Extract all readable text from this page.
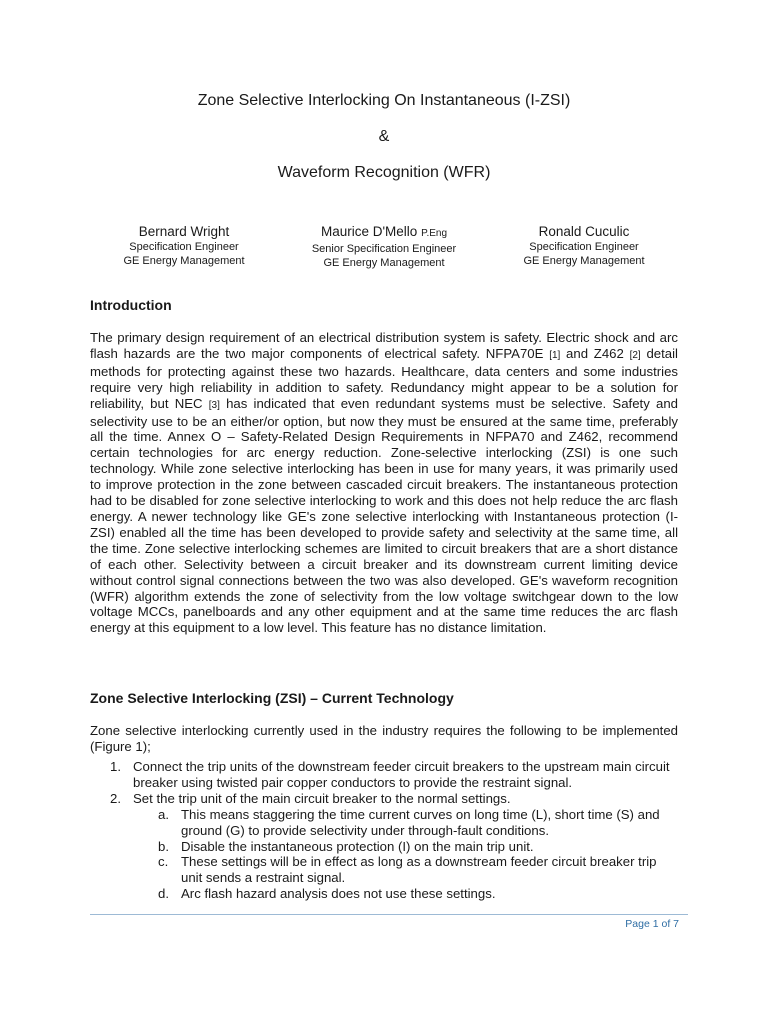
Zone Selective Interlocking On Instantaneous (I-ZSI)
&
Waveform Recognition (WFR)
Bernard Wright
Specification Engineer
GE Energy Management
Maurice D'Mello P.Eng
Senior Specification Engineer
GE Energy Management
Ronald Cuculic
Specification Engineer
GE Energy Management
Introduction

The primary design requirement of an electrical distribution system is safety. Electric shock and arc flash hazards are the two major components of electrical safety. NFPA70E [1] and Z462 [2] detail methods for protecting against these two hazards. Healthcare, data centers and some industries require very high reliability in addition to safety. Redundancy might appear to be a solution for reliability, but NEC [3] has indicated that even redundant systems must be selective. Safety and selectivity use to be an either/or option, but now they must be ensured at the same time, preferably all the time. Annex O – Safety-Related Design Requirements in NFPA70 and Z462, recommend certain technologies for arc energy reduction. Zone-selective interlocking (ZSI) is one such technology. While zone selective interlocking has been in use for many years, it was primarily used to improve protection in the zone between cascaded circuit breakers. The instantaneous protection had to be disabled for zone selective interlocking to work and this does not help reduce the arc flash energy. A newer technology like GE's zone selective interlocking with Instantaneous protection (I-ZSI) enabled all the time has been developed to provide safety and selectivity at the same time, all the time. Zone selective interlocking schemes are limited to circuit breakers that are a short distance of each other. Selectivity between a circuit breaker and its downstream current limiting device without control signal connections between the two was also developed. GE's waveform recognition (WFR) algorithm extends the zone of selectivity from the low voltage switchgear down to the low voltage MCCs, panelboards and any other equipment and at the same time reduces the arc flash energy at this equipment to a low level. This feature has no distance limitation.

Zone Selective Interlocking (ZSI) – Current Technology

Zone selective interlocking currently used in the industry requires the following to be implemented (Figure 1);

1. Connect the trip units of the downstream feeder circuit breakers to the upstream main circuit breaker using twisted pair copper conductors to provide the restraint signal.
2. Set the trip unit of the main circuit breaker to the normal settings.
a. This means staggering the time current curves on long time (L), short time (S) and ground (G) to provide selectivity under through-fault conditions.
b. Disable the instantaneous protection (I) on the main trip unit.
c. These settings will be in effect as long as a downstream feeder circuit breaker trip unit sends a restraint signal.
d. Arc flash hazard analysis does not use these settings.
Page 1 of 7
